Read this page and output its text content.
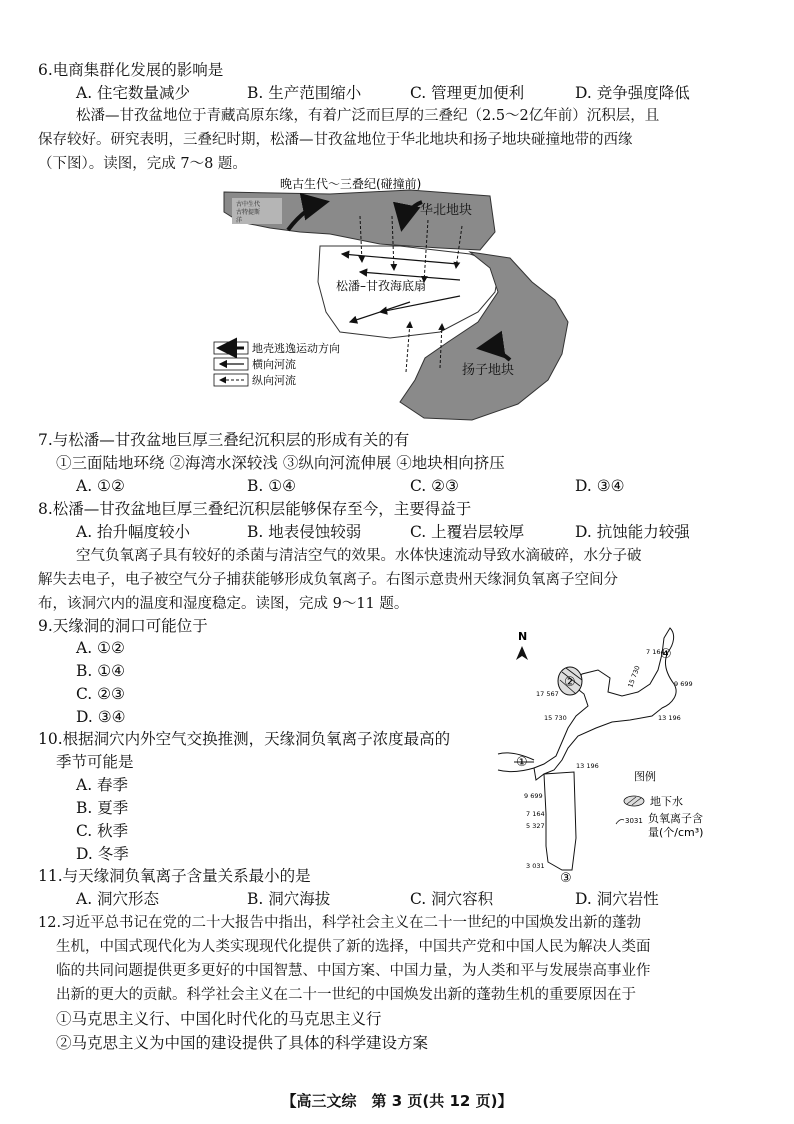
6.电商集群化发展的影响是
A. 住宅数量减少	B. 生产范围缩小	C. 管理更加便利	D. 竞争强度降低
松潘—甘孜盆地位于青藏高原东缘，有着广泛而巨厚的三叠纪（2.5～2亿年前）沉积层，且
保存较好。研究表明，三叠纪时期，松潘—甘孜盆地位于华北地块和扬子地块碰撞地带的西缘
（下图）。读图，完成 7～8 题。
晚古生代～三叠纪(碰撞前)
古中生代
古特提斯
洋
华北地块
松潘–甘孜海底扇
扬子地块
地壳逃逸运动方向
横向河流
纵向河流
7.与松潘—甘孜盆地巨厚三叠纪沉积层的形成有关的有
①三面陆地环绕 ②海湾水深较浅 ③纵向河流伸展 ④地块相向挤压
A. ①②	B. ①④	C. ②③	D. ③④
8.松潘—甘孜盆地巨厚三叠纪沉积层能够保存至今，主要得益于
A. 抬升幅度较小	B. 地表侵蚀较弱	C. 上覆岩层较厚	D. 抗蚀能力较强
空气负氧离子具有较好的杀菌与清洁空气的效果。水体快速流动导致水滴破碎，水分子破
解失去电子，电子被空气分子捕获能够形成负氧离子。右图示意贵州天缘洞负氧离子空间分
布，该洞穴内的温度和湿度稳定。读图，完成 9～11 题。
9.天缘洞的洞口可能位于
A. ①②
B. ①④
C. ②③
D. ③④
10.根据洞穴内外空气交换推测，天缘洞负氧离子浓度最高的
季节可能是
A. 春季
B. 夏季
C. 秋季
D. 冬季
N
②
④
①
③
7 164
9 699
15 730
17 567
15 730	13 196
13 196
9 699
7 164
5 327
3 031
图例
地下水
3031 负氧离子含
量(个/cm³)
11.与天缘洞负氧离子含量关系最小的是
A. 洞穴形态	B. 洞穴海拔	C. 洞穴容积	D. 洞穴岩性
12.习近平总书记在党的二十大报告中指出，科学社会主义在二十一世纪的中国焕发出新的蓬勃
生机，中国式现代化为人类实现现代化提供了新的选择，中国共产党和中国人民为解决人类面
临的共同问题提供更多更好的中国智慧、中国方案、中国力量，为人类和平与发展崇高事业作
出新的更大的贡献。科学社会主义在二十一世纪的中国焕发出新的蓬勃生机的重要原因在于
①马克思主义行、中国化时代化的马克思主义行
②马克思主义为中国的建设提供了具体的科学建设方案
【高三文综　第 3 页(共 12 页)】
